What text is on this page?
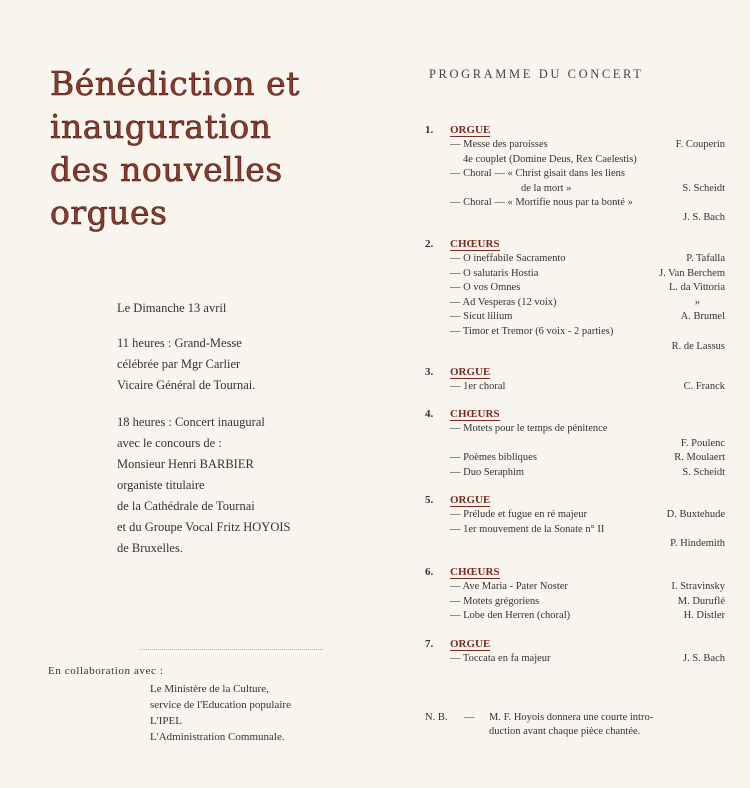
Bénédiction et
inauguration
des nouvelles
orgues
Le Dimanche 13 avril
11 heures : Grand-Messe
célébrée par Mgr Carlier
Vicaire Général de Tournai.
18 heures : Concert inaugural
avec le concours de :
Monsieur Henri BARBIER
organiste titulaire
de la Cathédrale de Tournai
et du Groupe Vocal Fritz HOYOIS
de Bruxelles.
En collaboration avec :
Le Ministère de la Culture,
service de l'Education populaire
L'IPEL
L'Administration Communale.
PROGRAMME DU CONCERT
1. ORGUE
— Messe des paroisses	F. Couperin
4e couplet (Domine Deus, Rex Caelestis)
— Choral — « Christ gisait dans les liens
de la mort »	S. Scheidt
— Choral — « Mortifie nous par ta bonté »
J. S. Bach
2. CHŒURS
— O ineffabile Sacramento	P. Tafalla
— O salutaris Hostia	J. Van Berchem
— O vos Omnes	L. da Vittoria
— Ad Vesperas (12 voix)	»
— Sicut lilium	A. Brumel
— Timor et Tremor (6 voix - 2 parties)
R. de Lassus
3. ORGUE
— 1er choral	C. Franck
4. CHŒURS
— Motets pour le temps de pénitence
F. Poulenc
— Poèmes bibliques	R. Moulaert
— Duo Seraphim	S. Scheidt
5. ORGUE
— Prélude et fugue en ré majeur	D. Buxtehude
— 1er mouvement de la Sonate n° II
P. Hindemith
6. CHŒURS
— Ave Maria - Pater Noster	I. Stravinsky
— Motets grégoriens	M. Duruflé
— Lobe den Herren (choral)	H. Distler
7. ORGUE
— Toccata en fa majeur	J. S. Bach
N. B. — M. F. Hoyois donnera une courte intro-
duction avant chaque pièce chantée.
